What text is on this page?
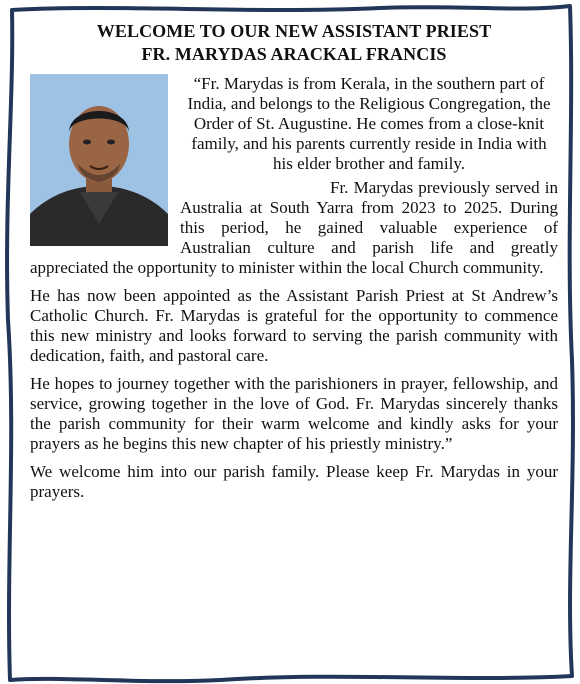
WELCOME TO OUR NEW ASSISTANT PRIEST

FR. MARYDAS ARACKAL FRANCIS

“Fr. Marydas is from Kerala, in the southern part of India, and belongs to the Religious Congregation, the Order of St. Augustine. He comes from a close-knit family, and his parents currently reside in India with his elder brother and family.

Fr. Marydas previously served in Australia at South Yarra from 2023 to 2025. During this period, he gained valuable experience of Australian culture and parish life and greatly appreciated the opportunity to minister within the local Church community.

He has now been appointed as the Assistant Parish Priest at St Andrew’s Catholic Church. Fr. Marydas is grateful for the opportunity to commence this new ministry and looks forward to serving the parish community with dedication, faith, and pastoral care.

He hopes to journey together with the parishioners in prayer, fellowship, and service, growing together in the love of God. Fr. Marydas sincerely thanks the parish community for their warm welcome and kindly asks for your prayers as he begins this new chapter of his priestly ministry.”

We welcome him into our parish family. Please keep Fr. Marydas in your prayers.
